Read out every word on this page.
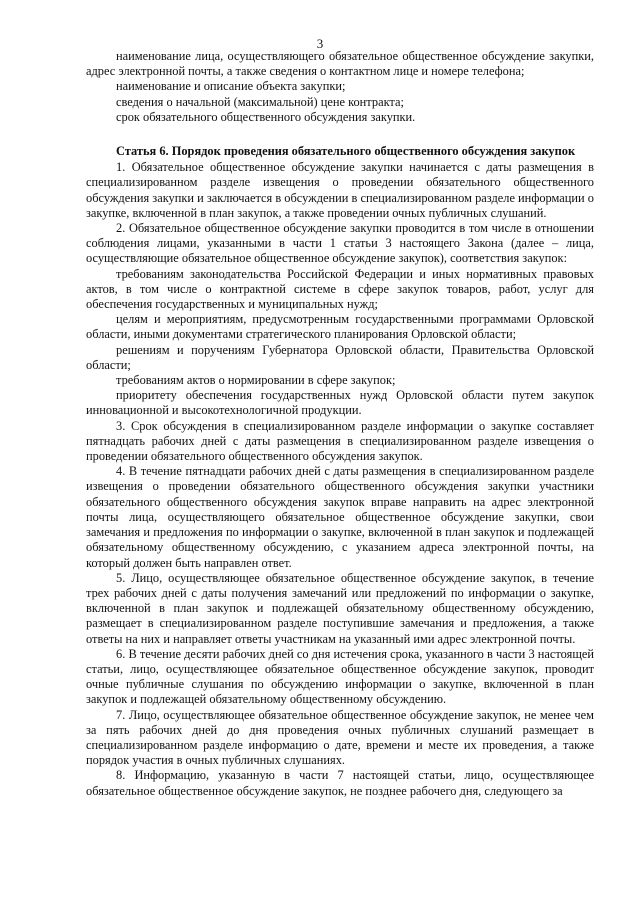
3

наименование лица, осуществляющего обязательное общественное обсуждение закупки, адрес электронной почты, а также сведения о контактном лице и номере телефона;

наименование и описание объекта закупки;

сведения о начальной (максимальной) цене контракта;

срок обязательного общественного обсуждения закупки.

Статья 6. Порядок проведения обязательного общественного обсуждения закупок

1. Обязательное общественное обсуждение закупки начинается с даты размещения в специализированном разделе извещения о проведении обязательного общественного обсуждения закупки и заключается в обсуждении в специализированном разделе информации о закупке, включенной в план закупок, а также проведении очных публичных слушаний.

2. Обязательное общественное обсуждение закупки проводится в том числе в отношении соблюдения лицами, указанными в части 1 статьи 3 настоящего Закона (далее – лица, осуществляющие обязательное общественное обсуждение закупок), соответствия закупок:

требованиям законодательства Российской Федерации и иных нормативных правовых актов, в том числе о контрактной системе в сфере закупок товаров, работ, услуг для обеспечения государственных и муниципальных нужд;

целям и мероприятиям, предусмотренным государственными программами Орловской области, иными документами стратегического планирования Орловской области;

решениям и поручениям Губернатора Орловской области, Правительства Орловской области;

требованиям актов о нормировании в сфере закупок;

приоритету обеспечения государственных нужд Орловской области путем закупок инновационной и высокотехнологичной продукции.

3. Срок обсуждения в специализированном разделе информации о закупке составляет пятнадцать рабочих дней с даты размещения в специализированном разделе извещения о проведении обязательного общественного обсуждения закупок.

4. В течение пятнадцати рабочих дней с даты размещения в специализированном разделе извещения о проведении обязательного общественного обсуждения закупки участники обязательного общественного обсуждения закупок вправе направить на адрес электронной почты лица, осуществляющего обязательное общественное обсуждение закупки, свои замечания и предложения по информации о закупке, включенной в план закупок и подлежащей обязательному общественному обсуждению, с указанием адреса электронной почты, на который должен быть направлен ответ.

5. Лицо, осуществляющее обязательное общественное обсуждение закупок, в течение трех рабочих дней с даты получения замечаний или предложений по информации о закупке, включенной в план закупок и подлежащей обязательному общественному обсуждению, размещает в специализированном разделе поступившие замечания и предложения, а также ответы на них и направляет ответы участникам на указанный ими адрес электронной почты.

6. В течение десяти рабочих дней со дня истечения срока, указанного в части 3 настоящей статьи, лицо, осуществляющее обязательное общественное обсуждение закупок, проводит очные публичные слушания по обсуждению информации о закупке, включенной в план закупок и подлежащей обязательному общественному обсуждению.

7. Лицо, осуществляющее обязательное общественное обсуждение закупок, не менее чем за пять рабочих дней до дня проведения очных публичных слушаний размещает в специализированном разделе информацию о дате, времени и месте их проведения, а также порядок участия в очных публичных слушаниях.

8. Информацию, указанную в части 7 настоящей статьи, лицо, осуществляющее обязательное общественное обсуждение закупок, не позднее рабочего дня, следующего за
